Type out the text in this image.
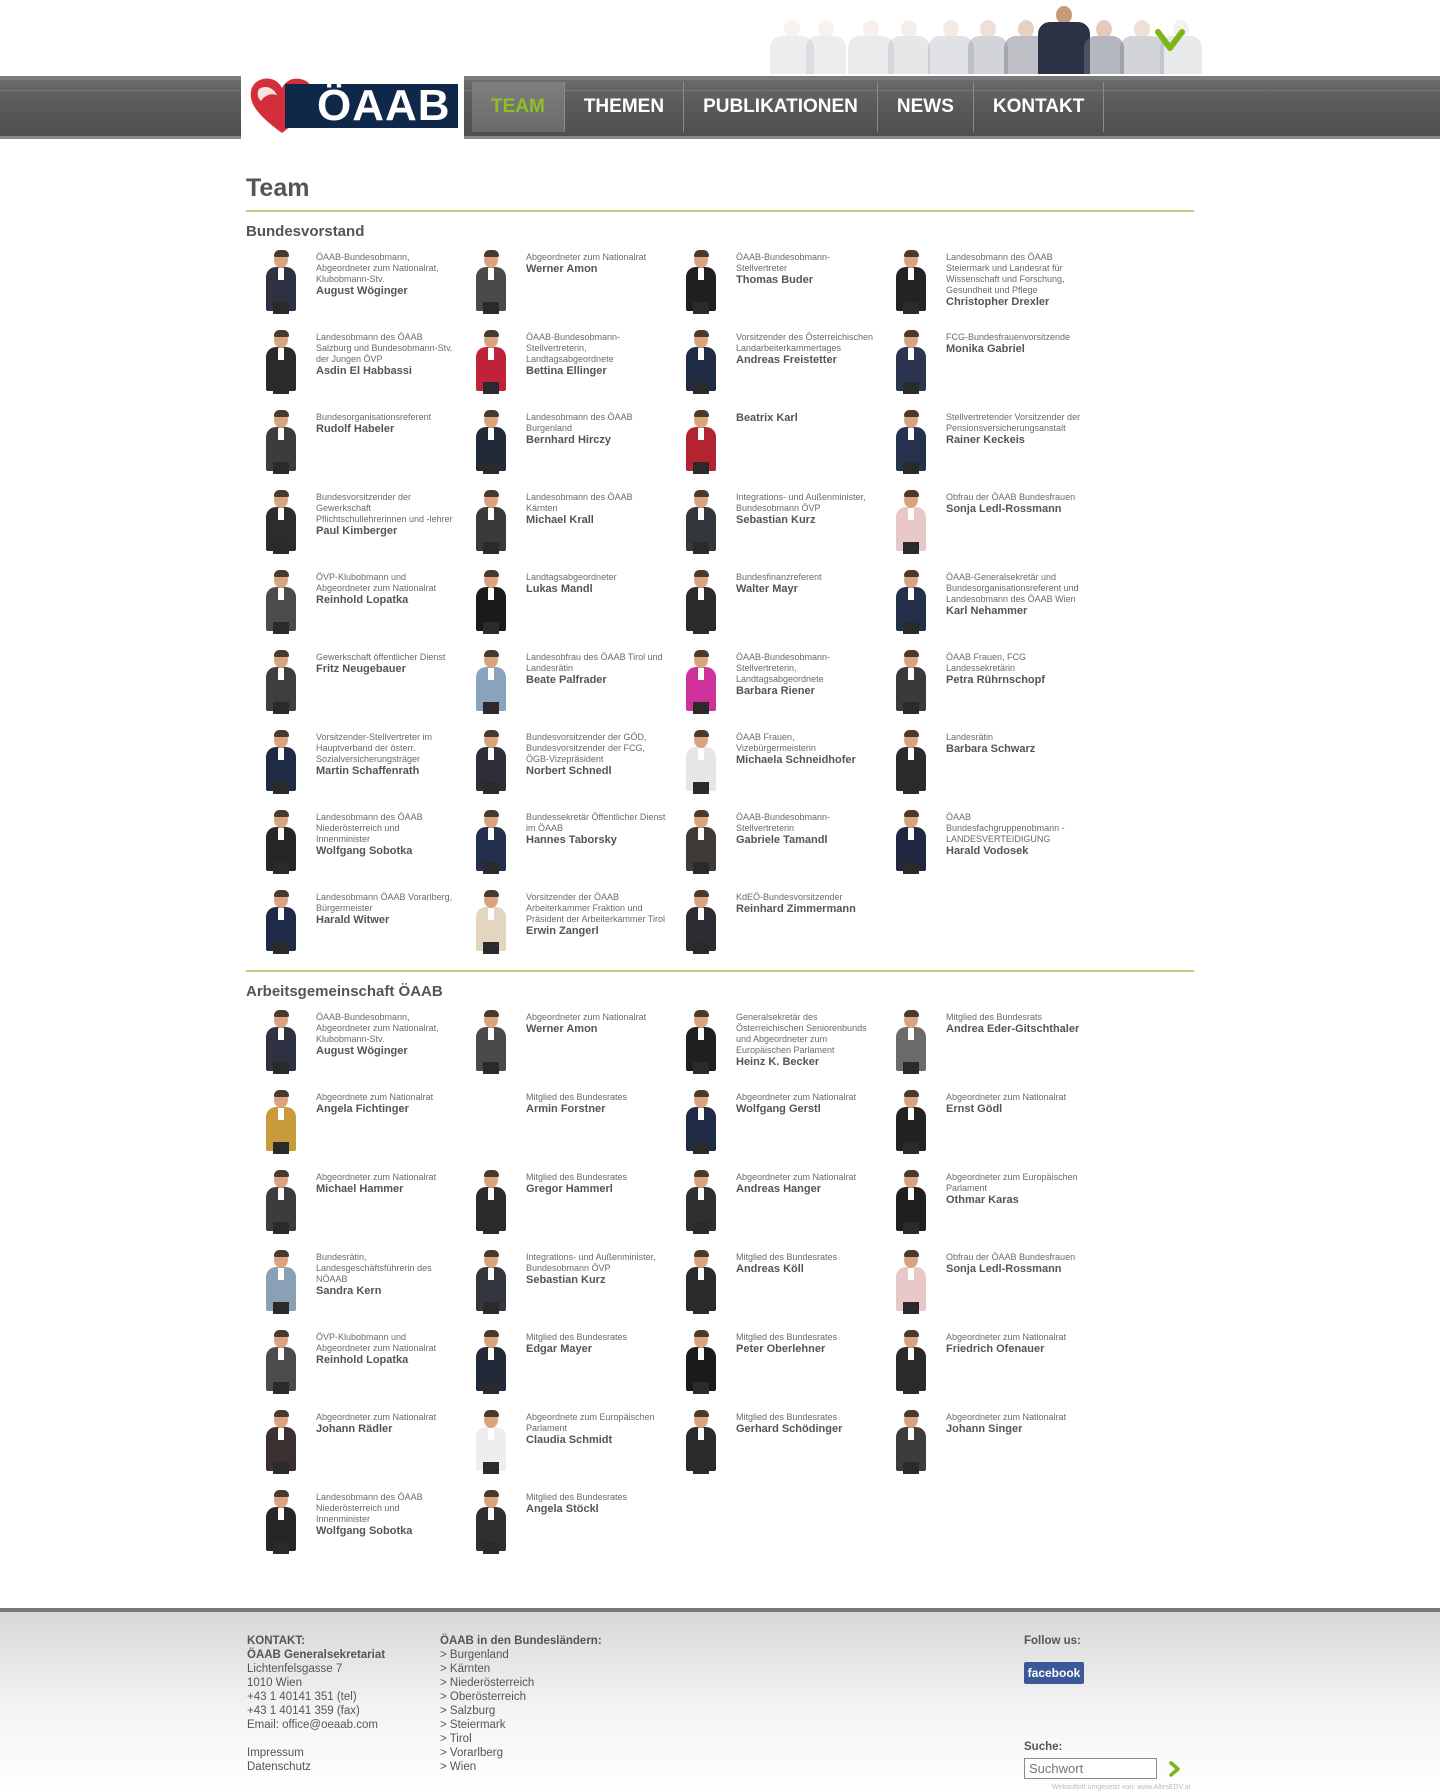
ÖAAB	TEAM	THEMEN	PUBLIKATIONEN	NEWS	KONTAKT
Team
Bundesvorstand
ÖAAB-Bundesobmann, Abgeordneter zum Nationalrat, Klubobmann-Stv.
August Wöginger
Abgeordneter zum Nationalrat
Werner Amon
ÖAAB-Bundesobmann-Stellvertreter
Thomas Buder
Landesobmann des ÖAAB Steiermark und Landesrat für Wissenschaft und Forschung, Gesundheit und Pflege
Christopher Drexler
Landesobmann des ÖAAB Salzburg und Bundesobmann-Stv. der Jungen ÖVP
Asdin El Habbassi
ÖAAB-Bundesobmann-Stellvertreterin, Landtagsabgeordnete
Bettina Ellinger
Vorsitzender des Österreichischen Landarbeiterkammertages
Andreas Freistetter
FCG-Bundesfrauenvorsitzende
Monika Gabriel
Bundesorganisationsreferent
Rudolf Habeler
Landesobmann des ÖAAB Burgenland
Bernhard Hirczy
Beatrix Karl	Stellvertretender Vorsitzender der Pensionsversicherungsanstalt
Rainer Keckeis
Bundesvorsitzender der Gewerkschaft Pflichtschullehrerinnen und -lehrer
Paul Kimberger
Landesobmann des ÖAAB Kärnten
Michael Krall
Integrations- und Außenminister, Bundesobmann ÖVP
Sebastian Kurz
Obfrau der ÖAAB Bundesfrauen
Sonja Ledl-Rossmann
ÖVP-Klubobmann und Abgeordneter zum Nationalrat
Reinhold Lopatka
Landtagsabgeordneter
Lukas Mandl
Bundesfinanzreferent
Walter Mayr
ÖAAB-Generalsekretär und Bundesorganisationsreferent und Landesobmann des ÖAAB Wien
Karl Nehammer
Gewerkschaft öffentlicher Dienst
Fritz Neugebauer
Landesobfrau des ÖAAB Tirol und Landesrätin
Beate Palfrader
ÖAAB-Bundesobmann-Stellvertreterin, Landtagsabgeordnete
Barbara Riener
ÖAAB Frauen, FCG Landessekretärin
Petra Rührnschopf
Vorsitzender-Stellvertreter im Hauptverband der österr. Sozialversicherungsträger
Martin Schaffenrath
Bundesvorsitzender der GÖD, Bundesvorsitzender der FCG, ÖGB-Vizepräsident
Norbert Schnedl
ÖAAB Frauen, Vizebürgermeisterin
Michaela Schneidhofer
Landesrätin
Barbara Schwarz
Landesobmann des ÖAAB Niederösterreich und Innenminister
Wolfgang Sobotka
Bundessekretär Öffentlicher Dienst im ÖAAB
Hannes Taborsky
ÖAAB-Bundesobmann-Stellvertreterin
Gabriele Tamandl
ÖAAB Bundesfachgruppenobmann - LANDESVERTEIDIGUNG
Harald Vodosek
Landesobmann ÖAAB Vorarlberg, Bürgermeister
Harald Witwer
Vorsitzender der ÖAAB Arbeiterkammer Fraktion und Präsident der Arbeiterkammer Tirol
Erwin Zangerl
KdEÖ-Bundesvorsitzender
Reinhard Zimmermann
Arbeitsgemeinschaft ÖAAB
ÖAAB-Bundesobmann, Abgeordneter zum Nationalrat, Klubobmann-Stv.
August Wöginger
Abgeordneter zum Nationalrat
Werner Amon
Generalsekretär des Österreichischen Seniorenbunds und Abgeordneter zum Europäischen Parlament
Heinz K. Becker
Mitglied des Bundesrats
Andrea Eder-Gitschthaler
Abgeordnete zum Nationalrat
Angela Fichtinger
Mitglied des Bundesrates
Armin Forstner
Abgeordneter zum Nationalrat
Wolfgang Gerstl
Abgeordneter zum Nationalrat
Ernst Gödl
Abgeordneter zum Nationalrat
Michael Hammer
Mitglied des Bundesrates
Gregor Hammerl
Abgeordneter zum Nationalrat
Andreas Hanger
Abgeordneter zum Europäischen Parlament
Othmar Karas
Bundesrätin, Landesgeschäftsführerin des NÖAAB
Sandra Kern
Integrations- und Außenminister, Bundesobmann ÖVP
Sebastian Kurz
Mitglied des Bundesrates
Andreas Köll
Obfrau der ÖAAB Bundesfrauen
Sonja Ledl-Rossmann
ÖVP-Klubobmann und Abgeordneter zum Nationalrat
Reinhold Lopatka
Mitglied des Bundesrates
Edgar Mayer
Mitglied des Bundesrates
Peter Oberlehner
Abgeordneter zum Nationalrat
Friedrich Ofenauer
Abgeordneter zum Nationalrat
Johann Rädler
Abgeordnete zum Europäischen Parlament
Claudia Schmidt
Mitglied des Bundesrates
Gerhard Schödinger
Abgeordneter zum Nationalrat
Johann Singer
Landesobmann des ÖAAB Niederösterreich und Innenminister
Wolfgang Sobotka
Mitglied des Bundesrates
Angela Stöckl
KONTAKT:
ÖAAB Generalsekretariat
Lichtenfelsgasse 7
1010 Wien
+43 1 40141 351 (tel)
+43 1 40141 359 (fax)
Email: office@oeaab.com
Impressum
Datenschutz
ÖAAB in den Bundesländern:
> Burgenland
> Kärnten
> Niederösterreich
> Oberösterreich
> Salzburg
> Steiermark
> Tirol
> Vorarlberg
> Wien
Follow us:
facebook
Suche:
Suchwort
Webauftritt umgesetzt von: www.AllesEDV.at
